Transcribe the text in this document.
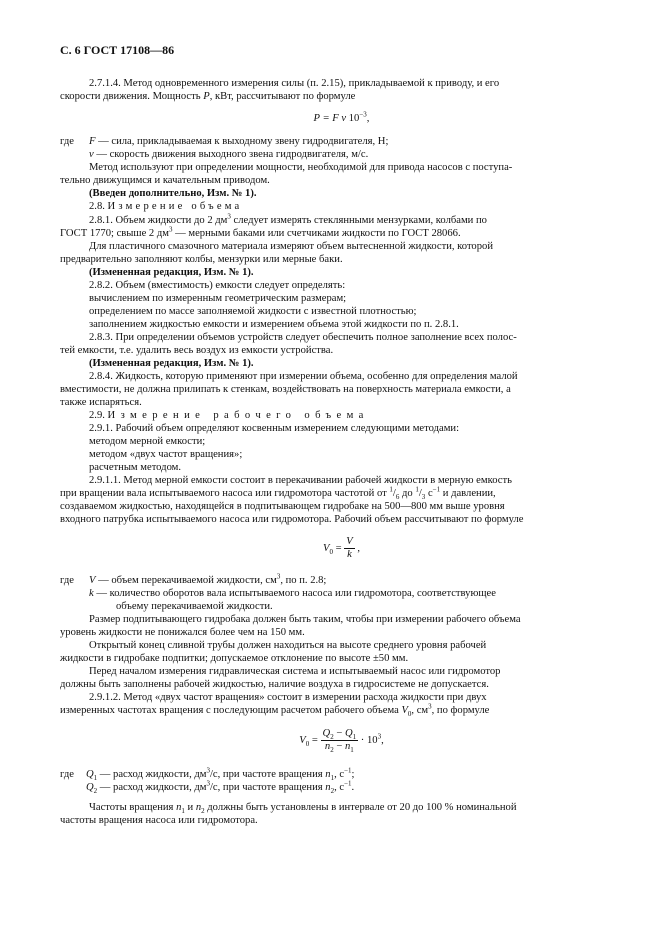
С. 6 ГОСТ 17108—86
2.7.1.4. Метод одновременного измерения силы (п. 2.15), прикладываемой к приводу, и его
скорости движения. Мощность P, кВт, рассчитывают по формуле
P = F v $10^{-3}$,
где F — сила, прикладываемая к выходному звену гидродвигателя, Н;
v — скорость движения выходного звена гидродвигателя, м/с.
Метод используют при определении мощности, необходимой для привода насосов с поступа-
тельно движущимся и качательным приводом.
(Введен дополнительно, Изм. № 1).
2.8. Измерение объема
2.8.1. Объем жидкости до 2 $дм^3$ следует измерять стеклянными мензурками, колбами по
ГОСТ 1770; свыше 2 $дм^3$ — мерными баками или счетчиками жидкости по ГОСТ 28066.
Для пластичного смазочного материала измеряют объем вытесненной жидкости, которой
предварительно заполняют колбы, мензурки или мерные баки.
(Измененная редакция, Изм. № 1).
2.8.2. Объем (вместимость) емкости следует определять:
вычислением по измеренным геометрическим размерам;
определением по массе заполняемой жидкости с известной плотностью;
заполнением жидкостью емкости и измерением объема этой жидкости по п. 2.8.1.
2.8.3. При определении объемов устройств следует обеспечить полное заполнение всех полос-
тей емкости, т.е. удалить весь воздух из емкости устройства.
(Измененная редакция, Изм. № 1).
2.8.4. Жидкость, которую применяют при измерении объема, особенно для определения малой
вместимости, не должна прилипать к стенкам, воздействовать на поверхность материала емкости, а
также испаряться.
2.9. Измерение рабочего объема
2.9.1. Рабочий объем определяют косвенным измерением следующими методами:
методом мерной емкости;
методом «двух частот вращения»;
расчетным методом.
2.9.1.1. Метод мерной емкости состоит в перекачивании рабочей жидкости в мерную емкость
при вращении вала испытываемого насоса или гидромотора частотой от $^1/_6$ до $^1/_3$ $с^{-1}$ и давлении,
создаваемом жидкостью, находящейся в подпитывающем гидробаке на 500—800 мм выше уровня
входного патрубка испытываемого насоса или гидромотора. Рабочий объем рассчитывают по формуле
$V_0 = \frac{V}{k}$ ,
где V — объем перекачиваемой жидкости, $см^3$, по п. 2.8;
k — количество оборотов вала испытываемого насоса или гидромотора, соответствующее
объему перекачиваемой жидкости.
Размер подпитывающего гидробака должен быть таким, чтобы при измерении рабочего объема
уровень жидкости не понижался более чем на 150 мм.
Открытый конец сливной трубы должен находиться на высоте среднего уровня рабочей
жидкости в гидробаке подпитки; допускаемое отклонение по высоте ±50 мм.
Перед началом измерения гидравлическая система и испытываемый насос или гидромотор
должны быть заполнены рабочей жидкостью, наличие воздуха в гидросистеме не допускается.
2.9.1.2. Метод «двух частот вращения» состоит в измерении расхода жидкости при двух
измеренных частотах вращения с последующим расчетом рабочего объема $V_0$, $см^3$, по формуле
$V_0 = \frac{Q_2 - Q_1}{n_2 - n_1} \cdot 10^3$,
где $Q_1$ — расход жидкости, $дм^3/с$, при частоте вращения $n_1$, $с^{-1}$;
$Q_2$ — расход жидкости, $дм^3/с$, при частоте вращения $n_2$, $с^{-1}$.
Частоты вращения $n_1$ и $n_2$ должны быть установлены в интервале от 20 до 100 % номинальной
частоты вращения насоса или гидромотора.
